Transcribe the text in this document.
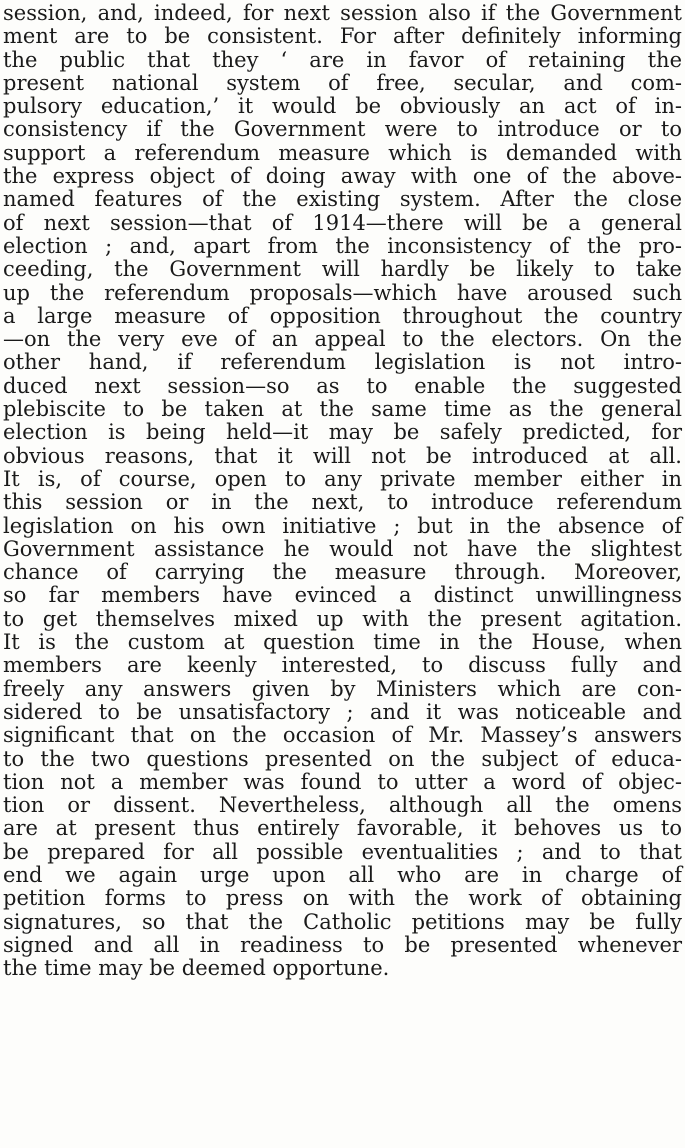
session, and, indeed, for next session also if the Government
ment are to be consistent. For after definitely informing
the public that they ‘ are in favor of retaining the
present national system of free, secular, and com-
pulsory education,’ it would be obviously an act of in-
consistency if the Government were to introduce or to
support a referendum measure which is demanded with
the express object of doing away with one of the above-
named features of the existing system. After the close
of next session—that of 1914—there will be a general
election ; and, apart from the inconsistency of the pro-
ceeding, the Government will hardly be likely to take
up the referendum proposals—which have aroused such
a large measure of opposition throughout the country
—on the very eve of an appeal to the electors. On the
other hand, if referendum legislation is not intro-
duced next session—so as to enable the suggested
plebiscite to be taken at the same time as the general
election is being held—it may be safely predicted, for
obvious reasons, that it will not be introduced at all.
It is, of course, open to any private member either in
this session or in the next, to introduce referendum
legislation on his own initiative ; but in the absence of
Government assistance he would not have the slightest
chance of carrying the measure through. Moreover,
so far members have evinced a distinct unwillingness
to get themselves mixed up with the present agitation.
It is the custom at question time in the House, when
members are keenly interested, to discuss fully and
freely any answers given by Ministers which are con-
sidered to be unsatisfactory ; and it was noticeable and
significant that on the occasion of Mr. Massey’s answers
to the two questions presented on the subject of educa-
tion not a member was found to utter a word of objec-
tion or dissent. Nevertheless, although all the omens
are at present thus entirely favorable, it behoves us to
be prepared for all possible eventualities ; and to that
end we again urge upon all who are in charge of
petition forms to press on with the work of obtaining
signatures, so that the Catholic petitions may be fully
signed and all in readiness to be presented whenever
the time may be deemed opportune.
